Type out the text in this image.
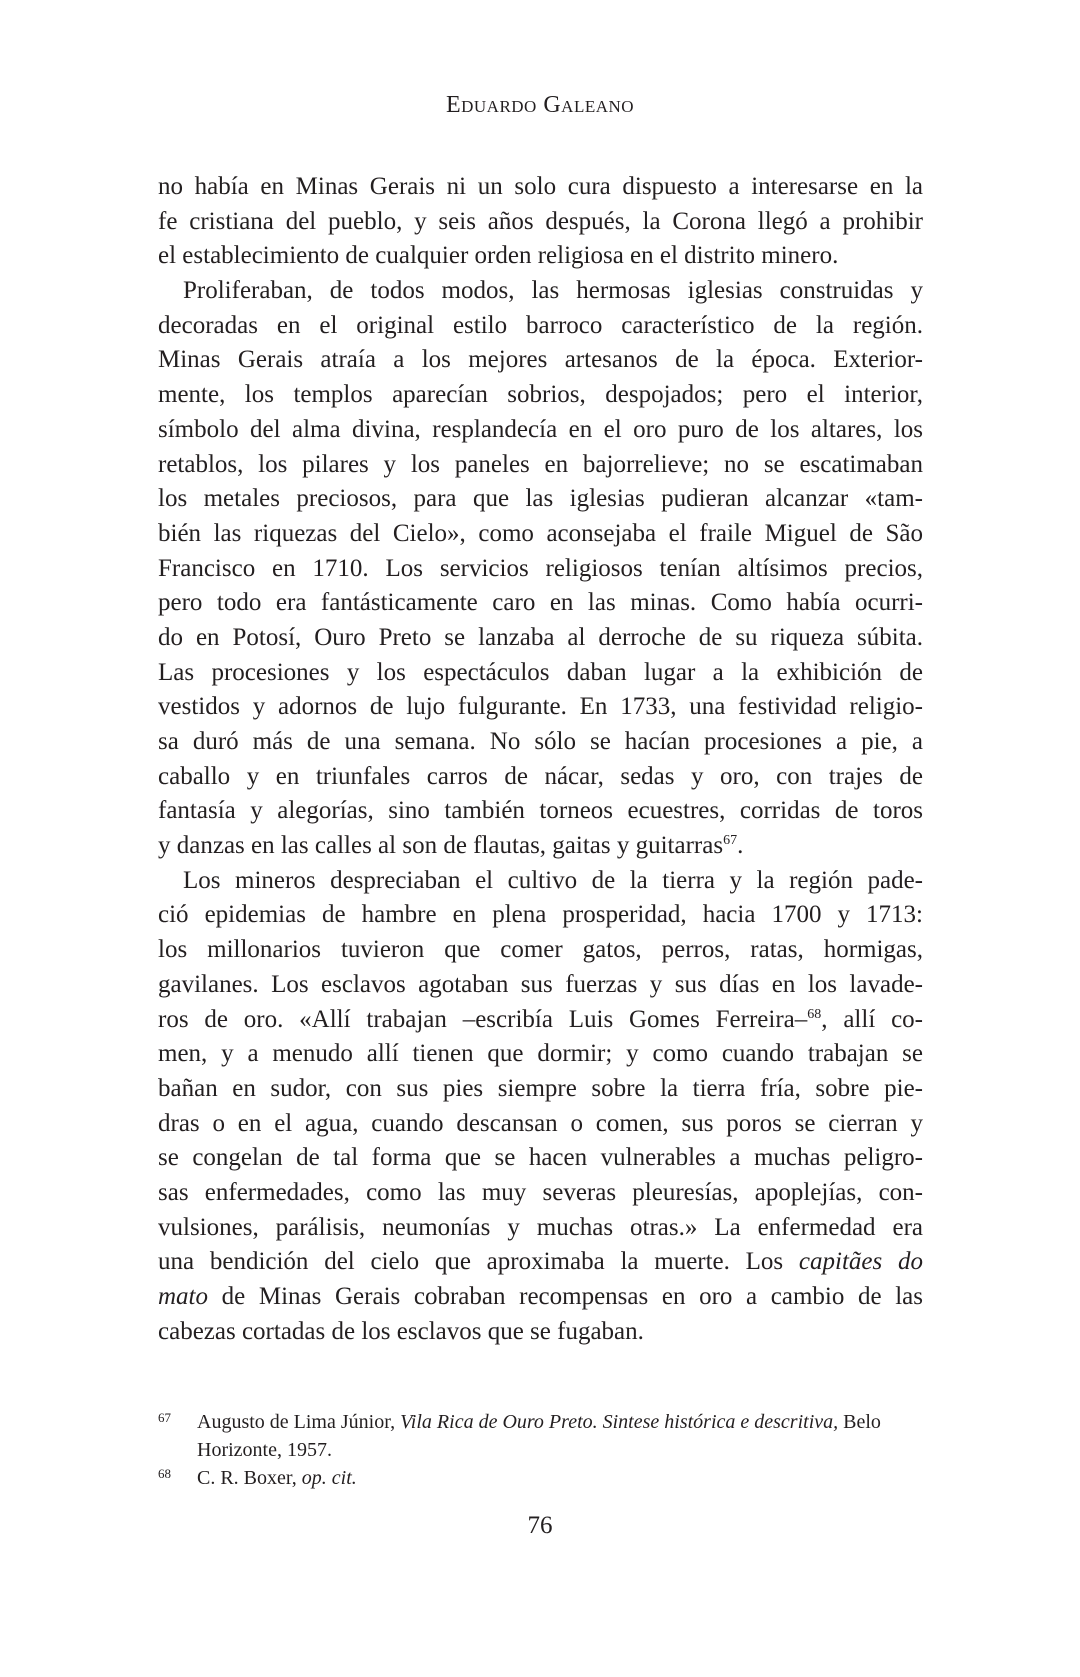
Eduardo Galeano
no había en Minas Gerais ni un solo cura dispuesto a interesarse en la
fe cristiana del pueblo, y seis años después, la Corona llegó a prohibir
el establecimiento de cualquier orden religiosa en el distrito minero.
Proliferaban, de todos modos, las hermosas iglesias construidas y
decoradas en el original estilo barroco característico de la región.
Minas Gerais atraía a los mejores artesanos de la época. Exterior-
mente, los templos aparecían sobrios, despojados; pero el interior,
símbolo del alma divina, resplandecía en el oro puro de los altares, los
retablos, los pilares y los paneles en bajorrelieve; no se escatimaban
los metales preciosos, para que las iglesias pudieran alcanzar «tam-
bién las riquezas del Cielo», como aconsejaba el fraile Miguel de São
Francisco en 1710. Los servicios religiosos tenían altísimos precios,
pero todo era fantásticamente caro en las minas. Como había ocurri-
do en Potosí, Ouro Preto se lanzaba al derroche de su riqueza súbita.
Las procesiones y los espectáculos daban lugar a la exhibición de
vestidos y adornos de lujo fulgurante. En 1733, una festividad religio-
sa duró más de una semana. No sólo se hacían procesiones a pie, a
caballo y en triunfales carros de nácar, sedas y oro, con trajes de
fantasía y alegorías, sino también torneos ecuestres, corridas de toros
y danzas en las calles al son de flautas, gaitas y guitarras$^{67}$.
Los mineros despreciaban el cultivo de la tierra y la región pade-
ció epidemias de hambre en plena prosperidad, hacia 1700 y 1713:
los millonarios tuvieron que comer gatos, perros, ratas, hormigas,
gavilanes. Los esclavos agotaban sus fuerzas y sus días en los lavade-
ros de oro. «Allí trabajan –escribía Luis Gomes Ferreira–$^{68}$, allí co-
men, y a menudo allí tienen que dormir; y como cuando trabajan se
bañan en sudor, con sus pies siempre sobre la tierra fría, sobre pie-
dras o en el agua, cuando descansan o comen, sus poros se cierran y
se congelan de tal forma que se hacen vulnerables a muchas peligro-
sas enfermedades, como las muy severas pleuresías, apoplejías, con-
vulsiones, parálisis, neumonías y muchas otras.» La enfermedad era
una bendición del cielo que aproximaba la muerte. Los capitães do
mato de Minas Gerais cobraban recompensas en oro a cambio de las
cabezas cortadas de los esclavos que se fugaban.
67	Augusto de Lima Júnior, Vila Rica de Ouro Preto. Sintese histórica e descritiva, Belo Horizonte, 1957.
68	C. R. Boxer, op. cit.
76
